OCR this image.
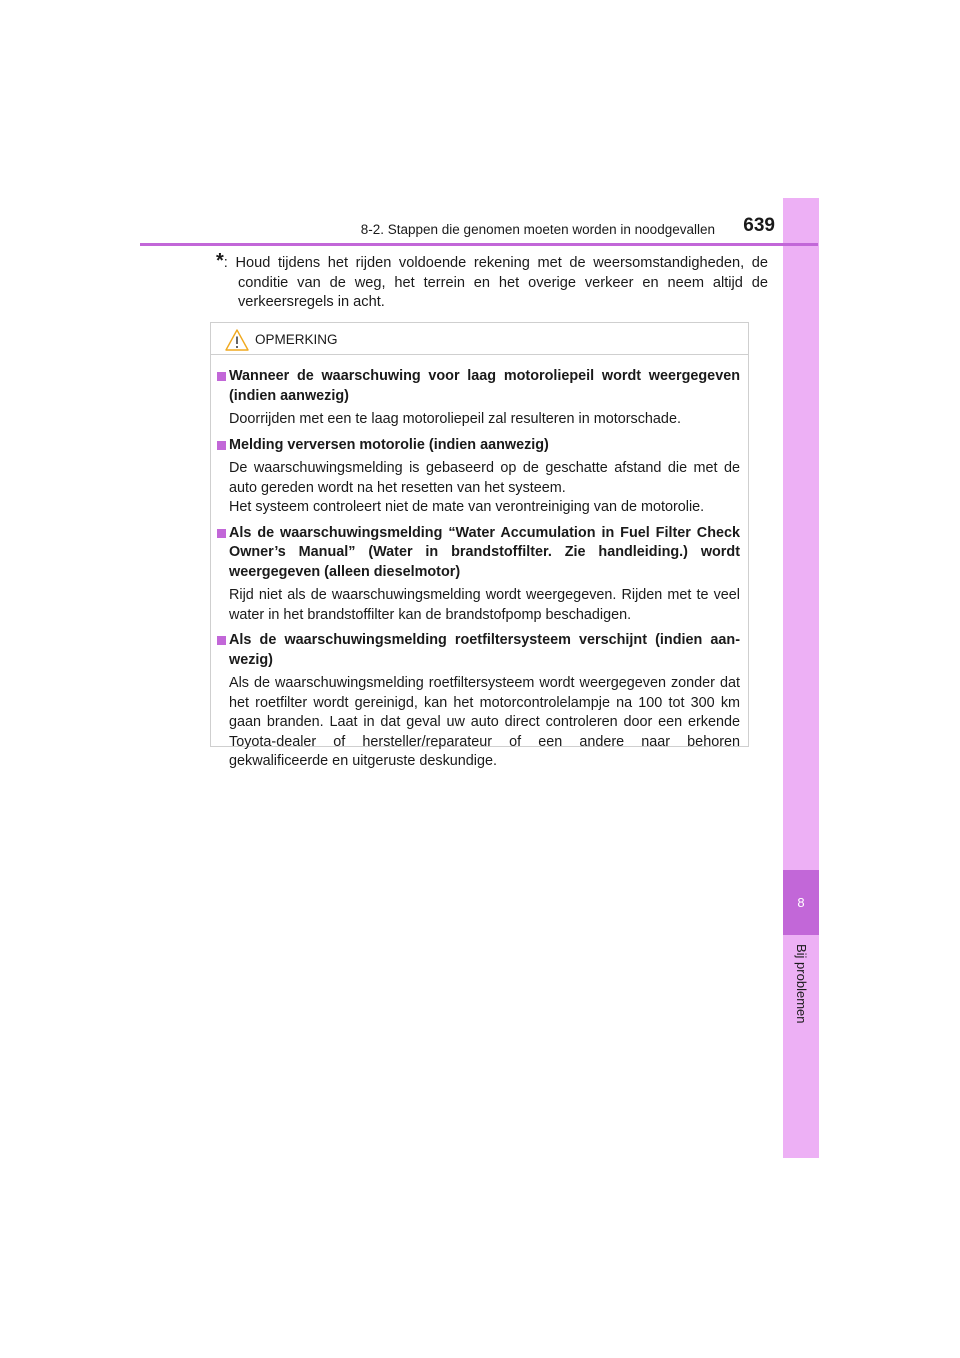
8
Bij problemen
8-2. Stappen die genomen moeten worden in noodgevallen 639
*: Houd tijdens het rijden voldoende rekening met de weersomstandigheden, de conditie van de weg, het terrein en het overige verkeer en neem altijd de verkeersregels in acht.
OPMERKING
Wanneer de waarschuwing voor laag motoroliepeil wordt weergegeven (indien aanwezig)

Doorrijden met een te laag motoroliepeil zal resulteren in motorschade.

Melding verversen motorolie (indien aanwezig)

De waarschuwingsmelding is gebaseerd op de geschatte afstand die met de auto gereden wordt na het resetten van het systeem.

Het systeem controleert niet de mate van verontreiniging van de motorolie.

Als de waarschuwingsmelding “Water Accumulation in Fuel Filter Check Owner’s Manual” (Water in brandstoffilter. Zie handleiding.) wordt weergegeven (alleen dieselmotor)

Rijd niet als de waarschuwingsmelding wordt weergegeven. Rijden met te veel water in het brandstoffilter kan de brandstofpomp beschadigen.

Als de waarschuwingsmelding roetfiltersysteem verschijnt (indien aan-wezig)

Als de waarschuwingsmelding roetfiltersysteem wordt weergegeven zonder dat het roetfilter wordt gereinigd, kan het motorcontrolelampje na 100 tot 300 km gaan branden. Laat in dat geval uw auto direct controleren door een erkende Toyota-dealer of hersteller/reparateur of een andere naar behoren gekwalificeerde en uitgeruste deskundige.
